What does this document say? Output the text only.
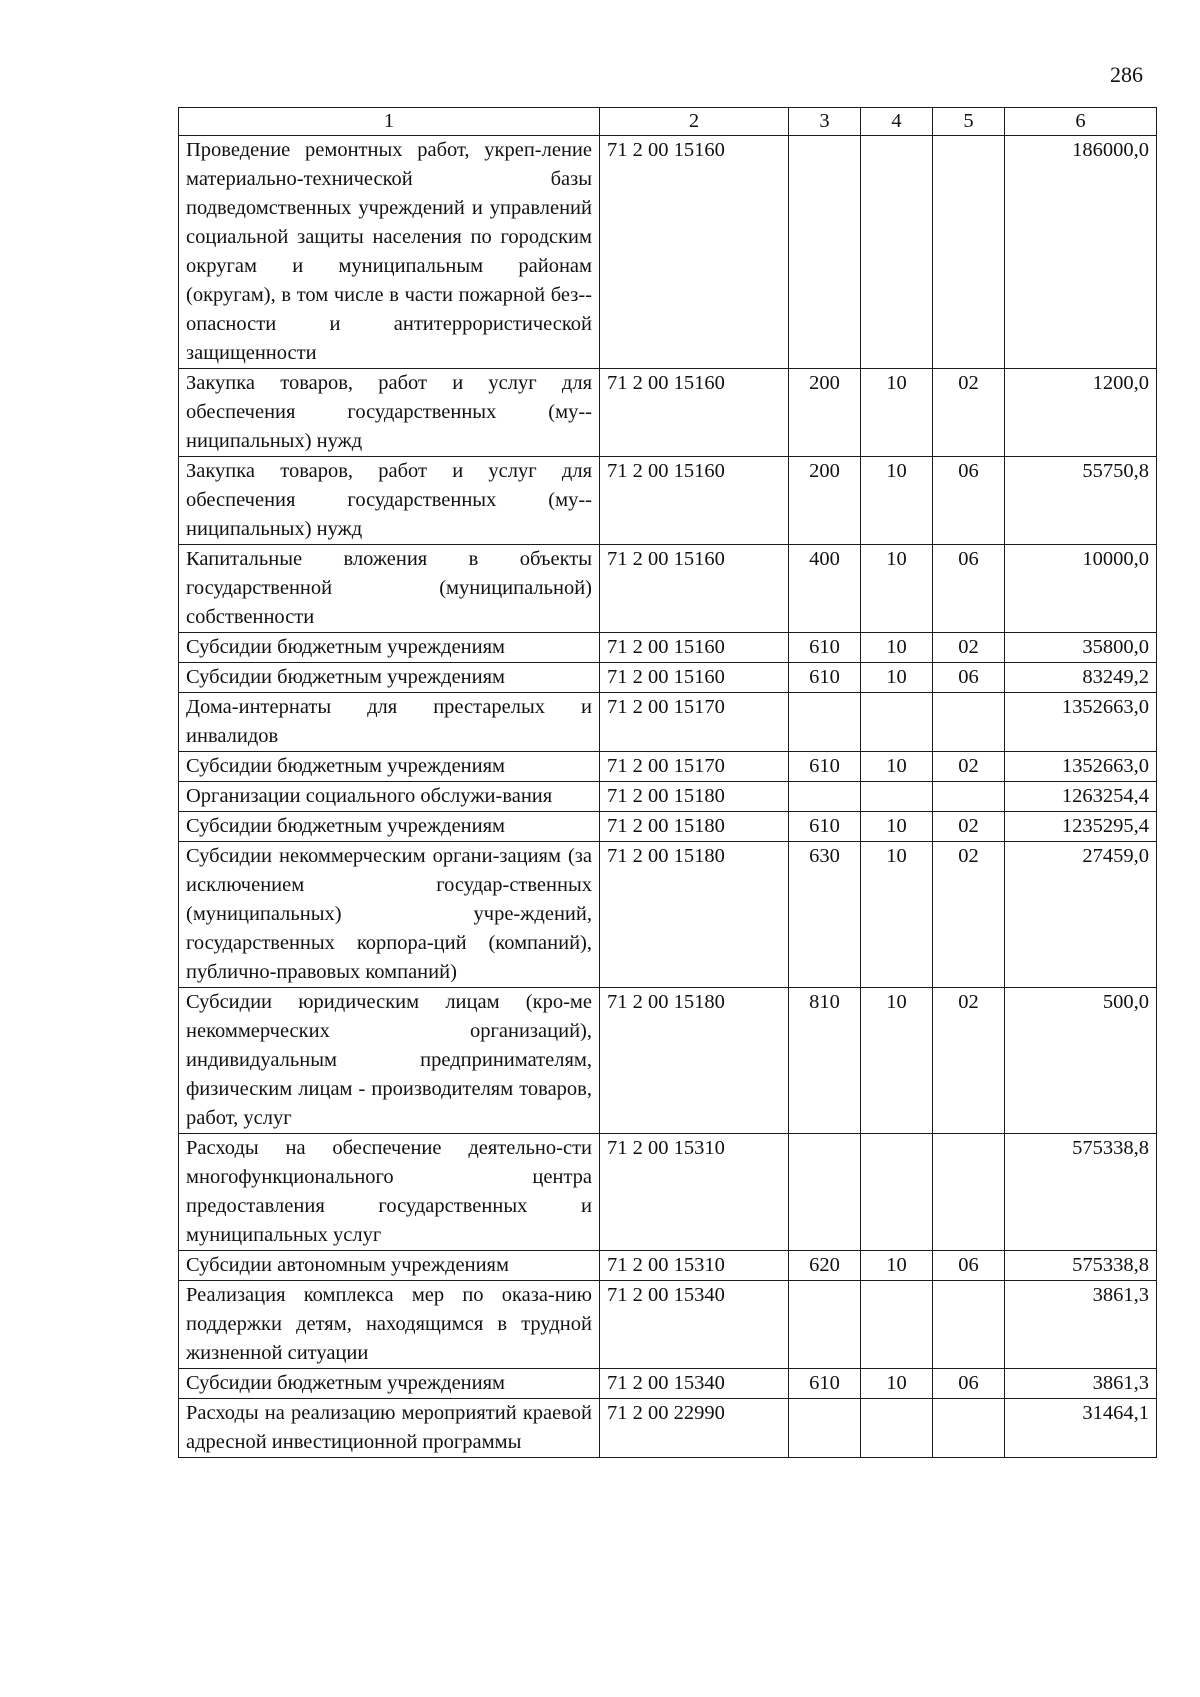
286
1	2	3	4	5	6
Проведение ремонтных работ, укреп-ление материально-технической базы подведомственных учреждений и управлений социальной защиты населения по городским округам и муниципальным районам (округам), в том числе в части пожарной без-опасности и антитеррористической защищенности	71 2 00 15160				186000,0
Закупка товаров, работ и услуг для обеспечения государственных (му-ниципальных) нужд	71 2 00 15160	200	10	02	1200,0
Закупка товаров, работ и услуг для обеспечения государственных (му-ниципальных) нужд	71 2 00 15160	200	10	06	55750,8
Капитальные вложения в объекты государственной (муниципальной) собственности	71 2 00 15160	400	10	06	10000,0
Субсидии бюджетным учреждениям	71 2 00 15160	610	10	02	35800,0
Субсидии бюджетным учреждениям	71 2 00 15160	610	10	06	83249,2
Дома-интернаты для престарелых и инвалидов	71 2 00 15170				1352663,0
Субсидии бюджетным учреждениям	71 2 00 15170	610	10	02	1352663,0
Организации социального обслужи-вания	71 2 00 15180				1263254,4
Субсидии бюджетным учреждениям	71 2 00 15180	610	10	02	1235295,4
Субсидии некоммерческим органи-зациям (за исключением государ-ственных (муниципальных) учре-ждений, государственных корпора-ций (компаний), публично-правовых компаний)	71 2 00 15180	630	10	02	27459,0
Субсидии юридическим лицам (кро-ме некоммерческих организаций), индивидуальным предпринимателям, физическим лицам - производителям товаров, работ, услуг	71 2 00 15180	810	10	02	500,0
Расходы на обеспечение деятельно-сти многофункционального центра предоставления государственных и муниципальных услуг	71 2 00 15310				575338,8
Субсидии автономным учреждениям	71 2 00 15310	620	10	06	575338,8
Реализация комплекса мер по оказа-нию поддержки детям, находящимся в трудной жизненной ситуации	71 2 00 15340				3861,3
Субсидии бюджетным учреждениям	71 2 00 15340	610	10	06	3861,3
Расходы на реализацию мероприятий краевой адресной инвестиционной программы	71 2 00 22990				31464,1
